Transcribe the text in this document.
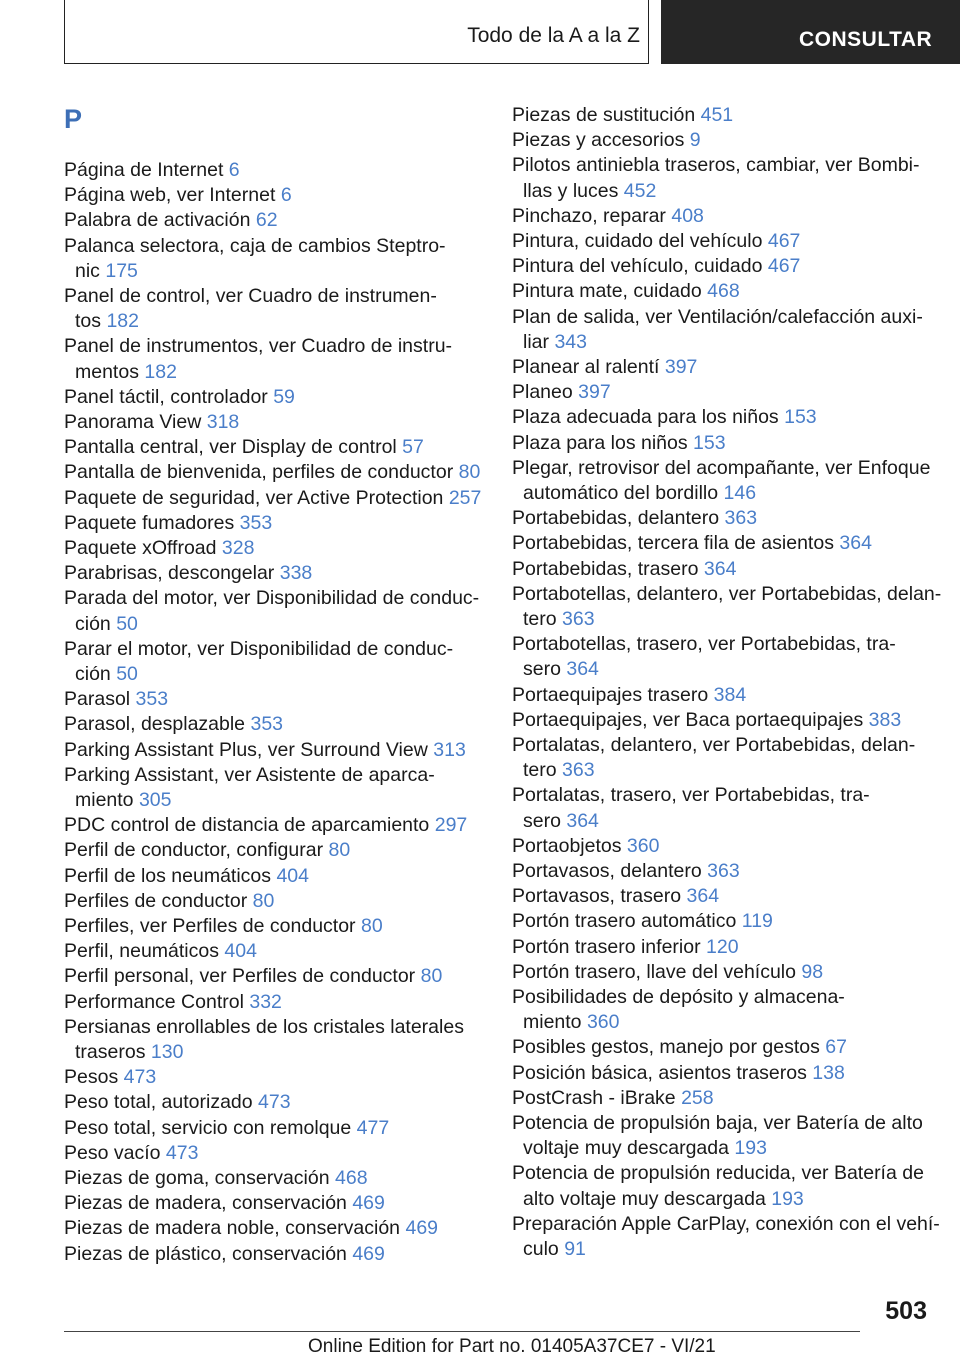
Todo de la A a la Z	CONSULTAR
P
Página de Internet 6
Página web, ver Internet 6
Palabra de activación 62
Palanca selectora, caja de cambios Steptro-
nic 175
Panel de control, ver Cuadro de instrumen-
tos 182
Panel de instrumentos, ver Cuadro de instru-
mentos 182
Panel táctil, controlador 59
Panorama View 318
Pantalla central, ver Display de control 57
Pantalla de bienvenida, perfiles de conductor 80
Paquete de seguridad, ver Active Protection 257
Paquete fumadores 353
Paquete xOffroad 328
Parabrisas, descongelar 338
Parada del motor, ver Disponibilidad de conduc-
ción 50
Parar el motor, ver Disponibilidad de conduc-
ción 50
Parasol 353
Parasol, desplazable 353
Parking Assistant Plus, ver Surround View 313
Parking Assistant, ver Asistente de aparca-
miento 305
PDC control de distancia de aparcamiento 297
Perfil de conductor, configurar 80
Perfil de los neumáticos 404
Perfiles de conductor 80
Perfiles, ver Perfiles de conductor 80
Perfil, neumáticos 404
Perfil personal, ver Perfiles de conductor 80
Performance Control 332
Persianas enrollables de los cristales laterales
traseros 130
Pesos 473
Peso total, autorizado 473
Peso total, servicio con remolque 477
Peso vacío 473
Piezas de goma, conservación 468
Piezas de madera, conservación 469
Piezas de madera noble, conservación 469
Piezas de plástico, conservación 469
Piezas de sustitución 451
Piezas y accesorios 9
Pilotos antiniebla traseros, cambiar, ver Bombi-
llas y luces 452
Pinchazo, reparar 408
Pintura, cuidado del vehículo 467
Pintura del vehículo, cuidado 467
Pintura mate, cuidado 468
Plan de salida, ver Ventilación/calefacción auxi-
liar 343
Planear al ralentí 397
Planeo 397
Plaza adecuada para los niños 153
Plaza para los niños 153
Plegar, retrovisor del acompañante, ver Enfoque
automático del bordillo 146
Portabebidas, delantero 363
Portabebidas, tercera fila de asientos 364
Portabebidas, trasero 364
Portabotellas, delantero, ver Portabebidas, delan-
tero 363
Portabotellas, trasero, ver Portabebidas, tra-
sero 364
Portaequipajes trasero 384
Portaequipajes, ver Baca portaequipajes 383
Portalatas, delantero, ver Portabebidas, delan-
tero 363
Portalatas, trasero, ver Portabebidas, tra-
sero 364
Portaobjetos 360
Portavasos, delantero 363
Portavasos, trasero 364
Portón trasero automático 119
Portón trasero inferior 120
Portón trasero, llave del vehículo 98
Posibilidades de depósito y almacena-
miento 360
Posibles gestos, manejo por gestos 67
Posición básica, asientos traseros 138
PostCrash - iBrake 258
Potencia de propulsión baja, ver Batería de alto
voltaje muy descargada 193
Potencia de propulsión reducida, ver Batería de
alto voltaje muy descargada 193
Preparación Apple CarPlay, conexión con el vehí-
culo 91
503
Online Edition for Part no. 01405A37CE7 - VI/21
